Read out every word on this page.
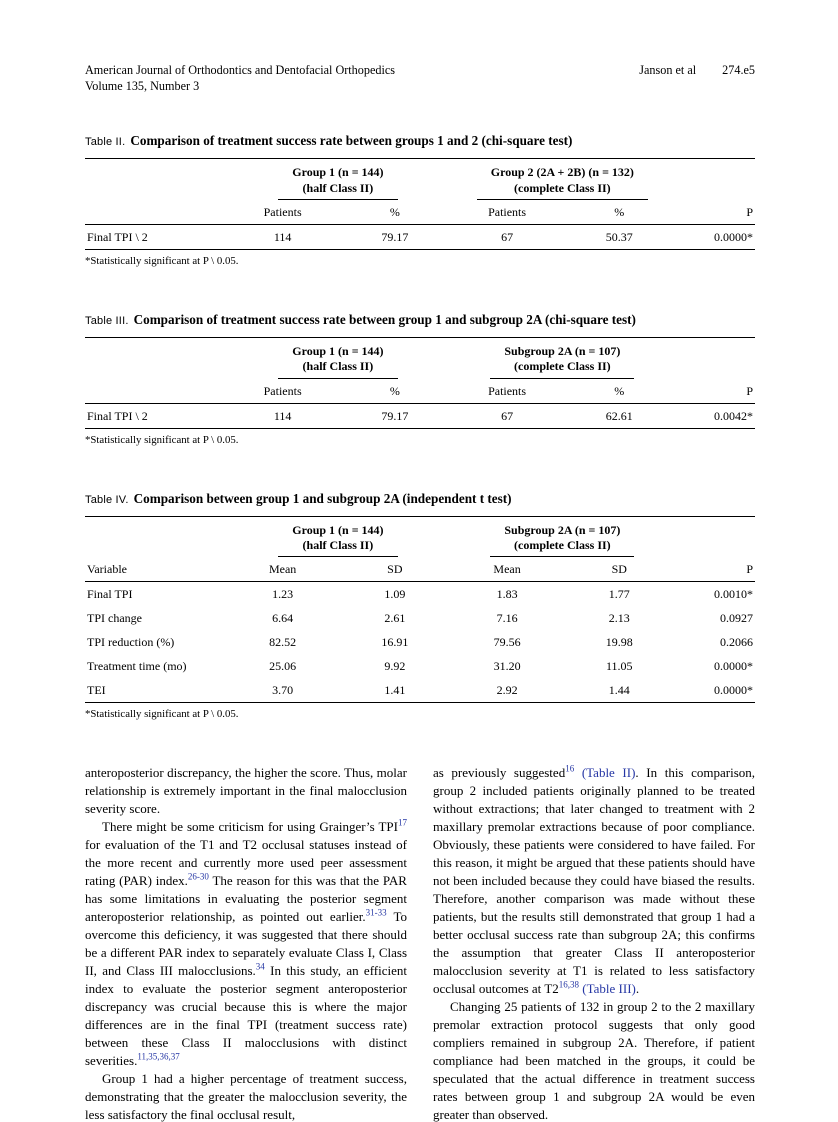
American Journal of Orthodontics and Dentofacial Orthopedics
Volume 135, Number 3
Janson et al 274.e5
Table II. Comparison of treatment success rate between groups 1 and 2 (chi-square test)

	Group 1 (n = 144)
(half Class II)		Group 2 (2A + 2B) (n = 132)
(complete Class II)		

	Patients	%	Patients	%	P
Final TPI \ 2	114	79.17	67	50.37	0.0000*
*Statistically significant at P \ 0.05.
Table III. Comparison of treatment success rate between group 1 and subgroup 2A (chi-square test)

	Group 1 (n = 144)
(half Class II)		Subgroup 2A (n = 107)
(complete Class II)		

	Patients	%	Patients	%	P
Final TPI \ 2	114	79.17	67	62.61	0.0042*
*Statistically significant at P \ 0.05.
Table IV. Comparison between group 1 and subgroup 2A (independent t test)

	Group 1 (n = 144)
(half Class II)		Subgroup 2A (n = 107)
(complete Class II)		

Variable	Mean	SD	Mean	SD	P
Final TPI	1.23	1.09	1.83	1.77	0.0010*
TPI change	6.64	2.61	7.16	2.13	0.0927
TPI reduction (%)	82.52	16.91	79.56	19.98	0.2066
Treatment time (mo)	25.06	9.92	31.20	11.05	0.0000*
TEI	3.70	1.41	2.92	1.44	0.0000*
*Statistically significant at P \ 0.05.

anteroposterior discrepancy, the higher the score. Thus, molar relationship is extremely important in the final malocclusion severity score.

There might be some criticism for using Grainger’s TPI$^{17}$ for evaluation of the T1 and T2 occlusal statuses instead of the more recent and currently more used peer assessment rating (PAR) index.$^{26-30}$ The reason for this was that the PAR has some limitations in evaluating the posterior segment anteroposterior relationship, as pointed out earlier.$^{31-33}$ To overcome this deficiency, it was suggested that there should be a different PAR index to separately evaluate Class I, Class II, and Class III malocclusions.$^{34}$ In this study, an efficient index to evaluate the posterior segment anteroposterior discrepancy was crucial because this is where the major differences are in the final TPI (treatment success rate) between these Class II malocclusions with distinct severities.$^{11,35,36,37}$

Group 1 had a higher percentage of treatment success, demonstrating that the greater the malocclusion severity, the less satisfactory the final occlusal result,

as previously suggested$^{16}$ (Table II). In this comparison, group 2 included patients originally planned to be treated without extractions; that later changed to treatment with 2 maxillary premolar extractions because of poor compliance. Obviously, these patients were considered to have failed. For this reason, it might be argued that these patients should have not been included because they could have biased the results. Therefore, another comparison was made without these patients, but the results still demonstrated that group 1 had a better occlusal success rate than subgroup 2A; this confirms the assumption that greater Class II anteroposterior malocclusion severity at T1 is related to less satisfactory occlusal outcomes at T2$^{16,38}$ (Table III).

Changing 25 patients of 132 in group 2 to the 2 maxillary premolar extraction protocol suggests that only good compliers remained in subgroup 2A. Therefore, if patient compliance had been matched in the groups, it could be speculated that the actual difference in treatment success rates between group 1 and subgroup 2A would be even greater than observed.
